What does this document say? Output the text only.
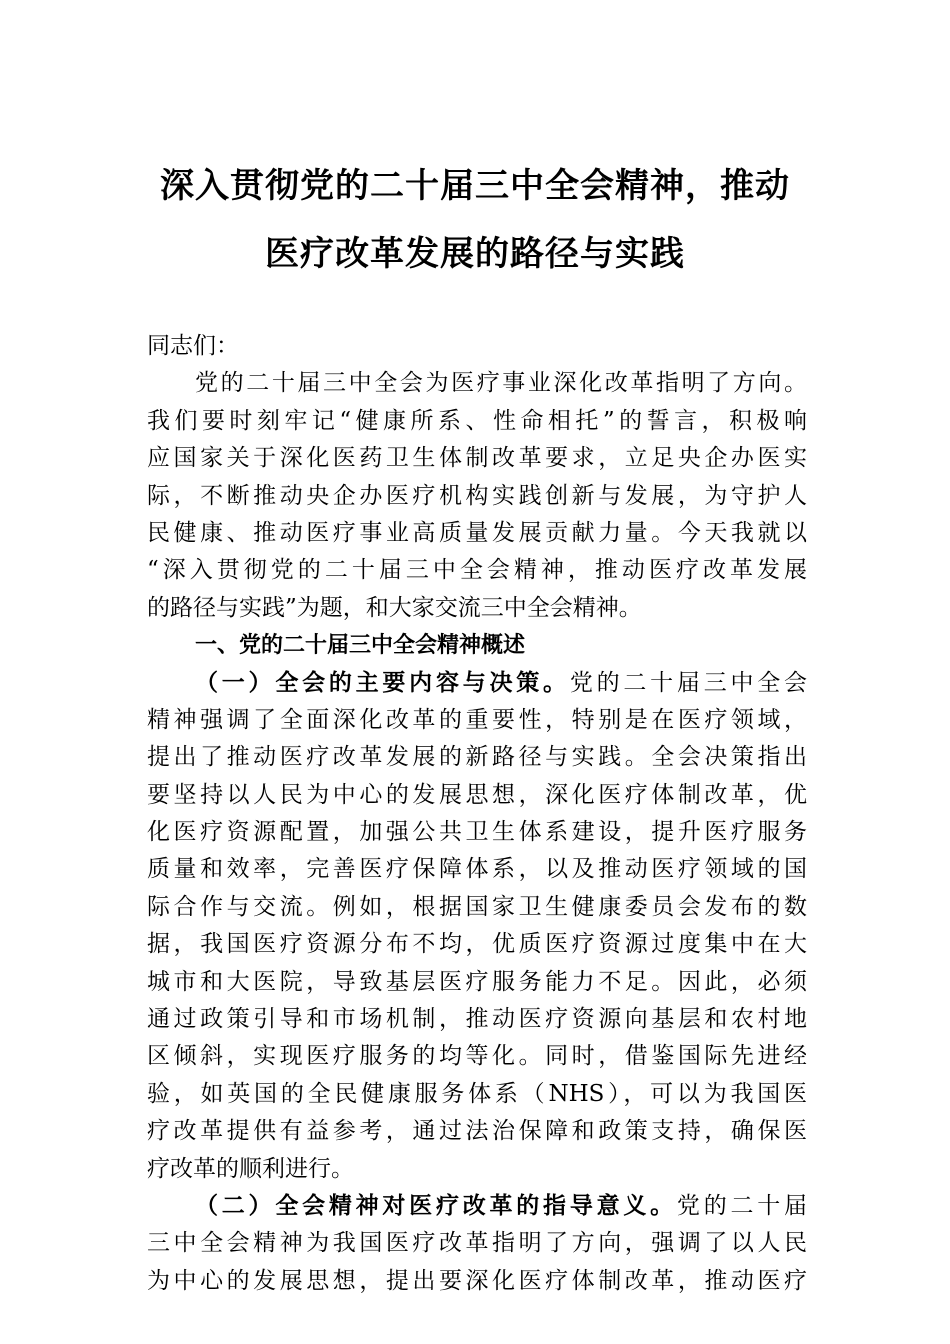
深入贯彻党的二十届三中全会精神，推动
医疗改革发展的路径与实践
同志们：
党的二十届三中全会为医疗事业深化改革指明了方向。
我们要时刻牢记“健康所系、性命相托”的誓言，积极响
应国家关于深化医药卫生体制改革要求，立足央企办医实
际，不断推动央企办医疗机构实践创新与发展，为守护人
民健康、推动医疗事业高质量发展贡献力量。今天我就以
“深入贯彻党的二十届三中全会精神，推动医疗改革发展
的路径与实践”为题，和大家交流三中全会精神。
一、党的二十届三中全会精神概述
（一）全会的主要内容与决策。党的二十届三中全会
精神强调了全面深化改革的重要性，特别是在医疗领域，
提出了推动医疗改革发展的新路径与实践。全会决策指出
要坚持以人民为中心的发展思想，深化医疗体制改革，优
化医疗资源配置，加强公共卫生体系建设，提升医疗服务
质量和效率，完善医疗保障体系，以及推动医疗领域的国
际合作与交流。例如，根据国家卫生健康委员会发布的数
据，我国医疗资源分布不均，优质医疗资源过度集中在大
城市和大医院，导致基层医疗服务能力不足。因此，必须
通过政策引导和市场机制，推动医疗资源向基层和农村地
区倾斜，实现医疗服务的均等化。同时，借鉴国际先进经
验，如英国的全民健康服务体系（NHS），可以为我国医
疗改革提供有益参考，通过法治保障和政策支持，确保医
疗改革的顺利进行。
（二）全会精神对医疗改革的指导意义。党的二十届
三中全会精神为我国医疗改革指明了方向，强调了以人民
为中心的发展思想，提出要深化医疗体制改革，推动医疗
